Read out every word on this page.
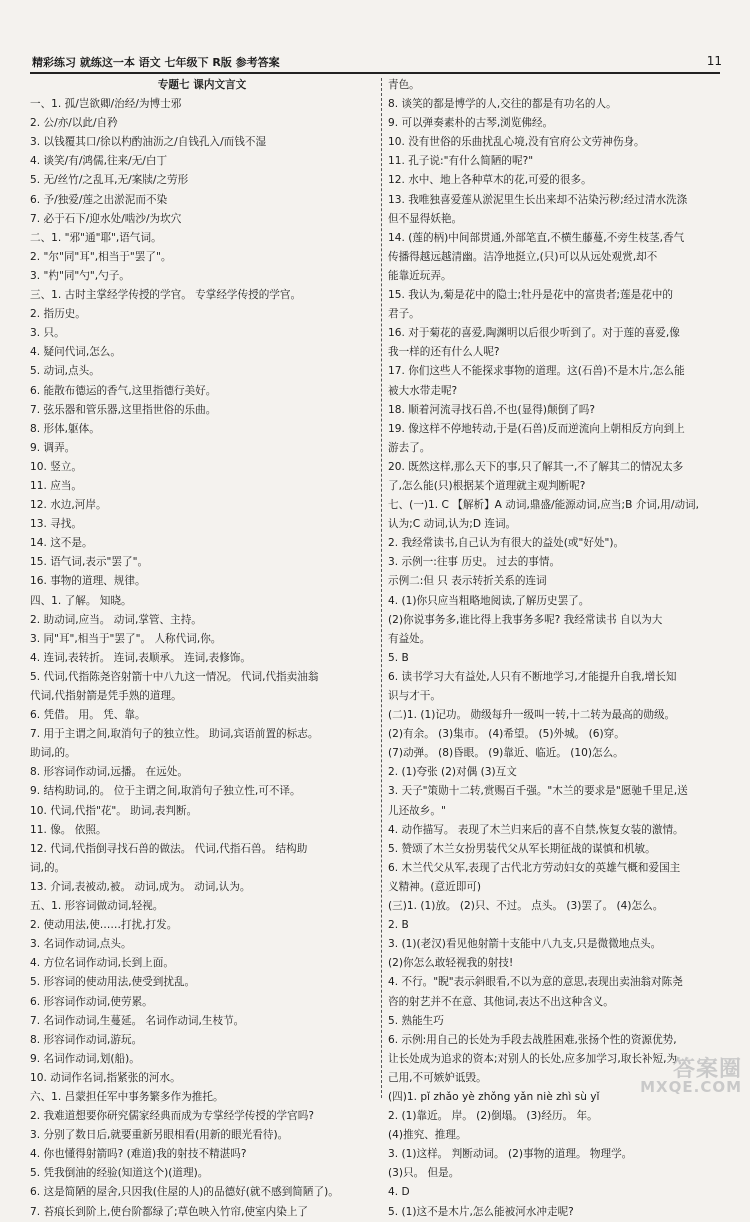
精彩练习 就练这一本 语文 七年级下 R版 参考答案	11
专题七 课内文言文
一、1. 孤/岂欲卿/治经/为博士邪
2. 公/亦/以此/自矜
3. 以钱覆其口/徐以杓酌油沥之/自钱孔入/而钱不湿
4. 谈笑/有/鸿儒,往来/无/白丁
5. 无/丝竹/之乱耳,无/案牍/之劳形
6. 予/独爱/莲之出淤泥而不染
7. 必于石下/迎水处/啮沙/为坎穴
二、1. "邪"通"耶",语气词。
2. "尔"同"耳",相当于"罢了"。
3. "杓"同"勺",勺子。
三、1. 古时主掌经学传授的学官。 专掌经学传授的学官。
2. 指历史。
3. 只。
4. 疑问代词,怎么。
5. 动词,点头。
6. 能散布德运的香气,这里指德行美好。
7. 弦乐器和管乐器,这里指世俗的乐曲。
8. 形体,躯体。
9. 调弄。
10. 竖立。
11. 应当。
12. 水边,河岸。
13. 寻找。
14. 这不是。
15. 语气词,表示"罢了"。
16. 事物的道理、规律。
四、1. 了解。 知晓。
2. 助动词,应当。 动词,掌管、主持。
3. 同"耳",相当于"罢了"。 人称代词,你。
4. 连词,表转折。 连词,表顺承。 连词,表修饰。
5. 代词,代指陈尧咨射箭十中八九这一情况。 代词,代指卖油翁
代词,代指射箭是凭手熟的道理。
6. 凭借。 用。 凭、靠。
7. 用于主谓之间,取消句子的独立性。 助词,宾语前置的标志。
助词,的。
8. 形容词作动词,远播。 在远处。
9. 结构助词,的。 位于主谓之间,取消句子独立性,可不译。
10. 代词,代指"花"。 助词,表判断。
11. 像。 依照。
12. 代词,代指倒寻找石兽的做法。 代词,代指石兽。 结构助
词,的。
13. 介词,表被动,被。 动词,成为。 动词,认为。
五、1. 形容词做动词,轻视。
2. 使动用法,使……打扰,打发。
3. 名词作动词,点头。
4. 方位名词作动词,长到上面。
5. 形容词的使动用法,使受到扰乱。
6. 形容词作动词,使劳累。
7. 名词作动词,生蔓延。 名词作动词,生枝节。
8. 形容词作动词,游玩。
9. 名词作动词,划(船)。
10. 动词作名词,指紧张的河水。
六、1. 吕蒙担任军中事务繁多作为推托。
2. 我难道想要你研究儒家经典而成为专掌经学传授的学官吗?
3. 分别了数日后,就要重新另眼相看(用新的眼光看待)。
4. 你也懂得射箭吗? (难道)我的射技不精湛吗?
5. 凭我倒油的经验(知道这个)(道理)。
6. 这是简陋的屋舍,只因我(住屋的人)的品德好(就不感到简陋了)。
7. 苔痕长到阶上,使台阶都绿了;草色映入竹帘,使室内染上了
青色。
8. 谈笑的都是博学的人,交往的都是有功名的人。
9. 可以弹奏素朴的古琴,浏览佛经。
10. 没有世俗的乐曲扰乱心境,没有官府公文劳神伤身。
11. 孔子说:"有什么简陋的呢?"
12. 水中、地上各种草木的花,可爱的很多。
13. 我唯独喜爱莲从淤泥里生长出来却不沾染污秽;经过清水洗涤
但不显得妖艳。
14. (莲的柄)中间部贯通,外部笔直,不横生藤蔓,不旁生枝茎,香气
传播得越远越清幽。洁净地挺立,(只)可以从远处观赏,却不
能靠近玩弄。
15. 我认为,菊是花中的隐士;牡丹是花中的富贵者;莲是花中的
君子。
16. 对于菊花的喜爱,陶渊明以后很少听到了。对于莲的喜爱,像
我一样的还有什么人呢?
17. 你们这些人不能探求事物的道理。这(石兽)不是木片,怎么能
被大水带走呢?
18. 顺着河流寻找石兽,不也(显得)颠倒了吗?
19. 像这样不停地转动,于是(石兽)反而逆流向上朝相反方向到上
游去了。
20. 既然这样,那么天下的事,只了解其一,不了解其二的情况太多
了,怎么能(只)根据某个道理就主观判断呢?
七、(一)1. C 【解析】A 动词,鼎盛/能源动词,应当;B 介词,用/动词,
认为;C 动词,认为;D 连词。
2. 我经常读书,自己认为有很大的益处(或"好处")。
3. 示例一:往事 历史。 过去的事情。
示例二:但 只 表示转折关系的连词
4. (1)你只应当粗略地阅读,了解历史罢了。
(2)你说事务多,谁比得上我事务多呢? 我经常读书 自以为大
有益处。
5. B
6. 读书学习大有益处,人只有不断地学习,才能提升自我,增长知
识与才干。
(二)1. (1)记功。 勋级每升一级叫一转,十二转为最高的勋级。
(2)有余。 (3)集市。 (4)希望。 (5)外城。 (6)穿。
(7)动弹。 (8)昏眼。 (9)靠近、临近。 (10)怎么。
2. (1)夸张 (2)对偶 (3)互文
3. 天子"策勋十二转,赏赐百千强。"木兰的要求是"愿驰千里足,送
儿还故乡。"
4. 动作描写。 表现了木兰归来后的喜不自禁,恢复女装的激情。
5. 赞颂了木兰女扮男装代父从军长期征战的谋慎和机敏。
6. 木兰代父从军,表现了古代北方劳动妇女的英雄气概和爱国主
义精神。(意近即可)
(三)1. (1)放。 (2)只、不过。 点头。 (3)罢了。 (4)怎么。
2. B
3. (1)(老汉)看见他射箭十支能中八九支,只是微微地点头。
(2)你怎么敢轻视我的射技!
4. 不行。"睨"表示斜眼看,不以为意的意思,表现出卖油翁对陈尧
咨的射艺并不在意、其他词,表达不出这种含义。
5. 熟能生巧
6. 示例:用自己的长处为手段去战胜困难,张扬个性的资源优势,
让长处成为追求的资本;对别人的长处,应多加学习,取长补短,为
己用,不可嫉妒诋毁。
(四)1. pǐ zhǎo yè zhǒng yǎn niè zhì sù yǐ
2. (1)靠近。 岸。 (2)倒塌。 (3)经历。 年。
(4)推究、推理。
3. (1)这样。 判断动词。 (2)事物的道理。 物理学。
(3)只。 但是。
4. D
5. (1)这不是木片,怎么能被河水冲走呢?
答案圈
MXQE.COM
